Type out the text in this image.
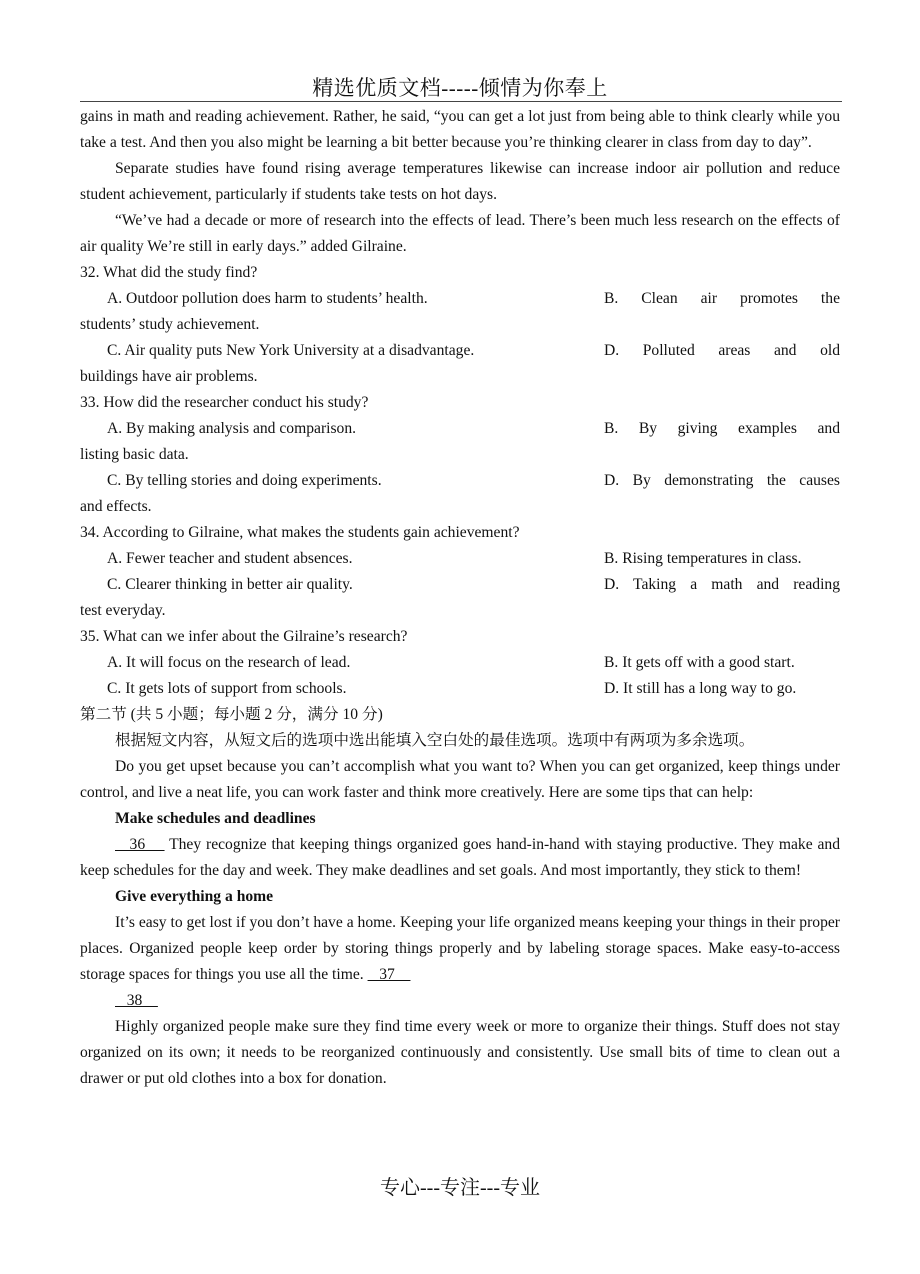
精选优质文档-----倾情为你奉上

gains in math and reading achievement. Rather, he said, “you can get a lot just from being able to think clearly while you take a test. And then you also might be learning a bit better because you’re thinking clearer in class from day to day”.

Separate studies have found rising average temperatures likewise can increase indoor air pollution and reduce student achievement, particularly if students take tests on hot days.

“We’ve had a decade or more of research into the effects of lead. There’s been much less research on the effects of air quality We’re still in early days.” added Gilraine.

32. What did the study find?

A. Outdoor pollution does harm to students’ health.	B. Clean air promotes the

students’ study achievement.

C. Air quality puts New York University at a disadvantage.	D. Polluted areas and old

buildings have air problems.

33. How did the researcher conduct his study?

A. By making analysis and comparison.	B. By giving examples and

listing basic data.

C. By telling stories and doing experiments.	D. By demonstrating the causes

and effects.

34. According to Gilraine, what makes the students gain achievement?

A. Fewer teacher and student absences.	B. Rising temperatures in class.
C. Clearer thinking in better air quality.	D. Taking a math and reading

test everyday.

35. What can we infer about the Gilraine’s research?

A. It will focus on the research of lead.	B. It gets off with a good start.
C. It gets lots of support from schools.	D. It still has a long way to go.

第二节 (共 5 小题；每小题 2 分，满分 10 分)

根据短文内容，从短文后的选项中选出能填入空白处的最佳选项。选项中有两项为多余选项。

Do you get upset because you can’t accomplish what you want to? When you can get organized, keep things under control, and live a neat life, you can work faster and think more creatively. Here are some tips that can help:

Make schedules and deadlines

36     They recognize that keeping things organized goes hand-in-hand with staying productive. They make and keep schedules for the day and week. They make deadlines and set goals. And most importantly, they stick to them!

Give everything a home

It’s easy to get lost if you don’t have a home. Keeping your life organized means keeping your things in their proper places. Organized people keep order by storing things properly and by labeling storage spaces. Make easy-to-access storage spaces for things you use all the time.    37

38

Highly organized people make sure they find time every week or more to organize their things. Stuff does not stay organized on its own; it needs to be reorganized continuously and consistently. Use small bits of time to clean out a drawer or put old clothes into a box for donation.

专心---专注---专业
